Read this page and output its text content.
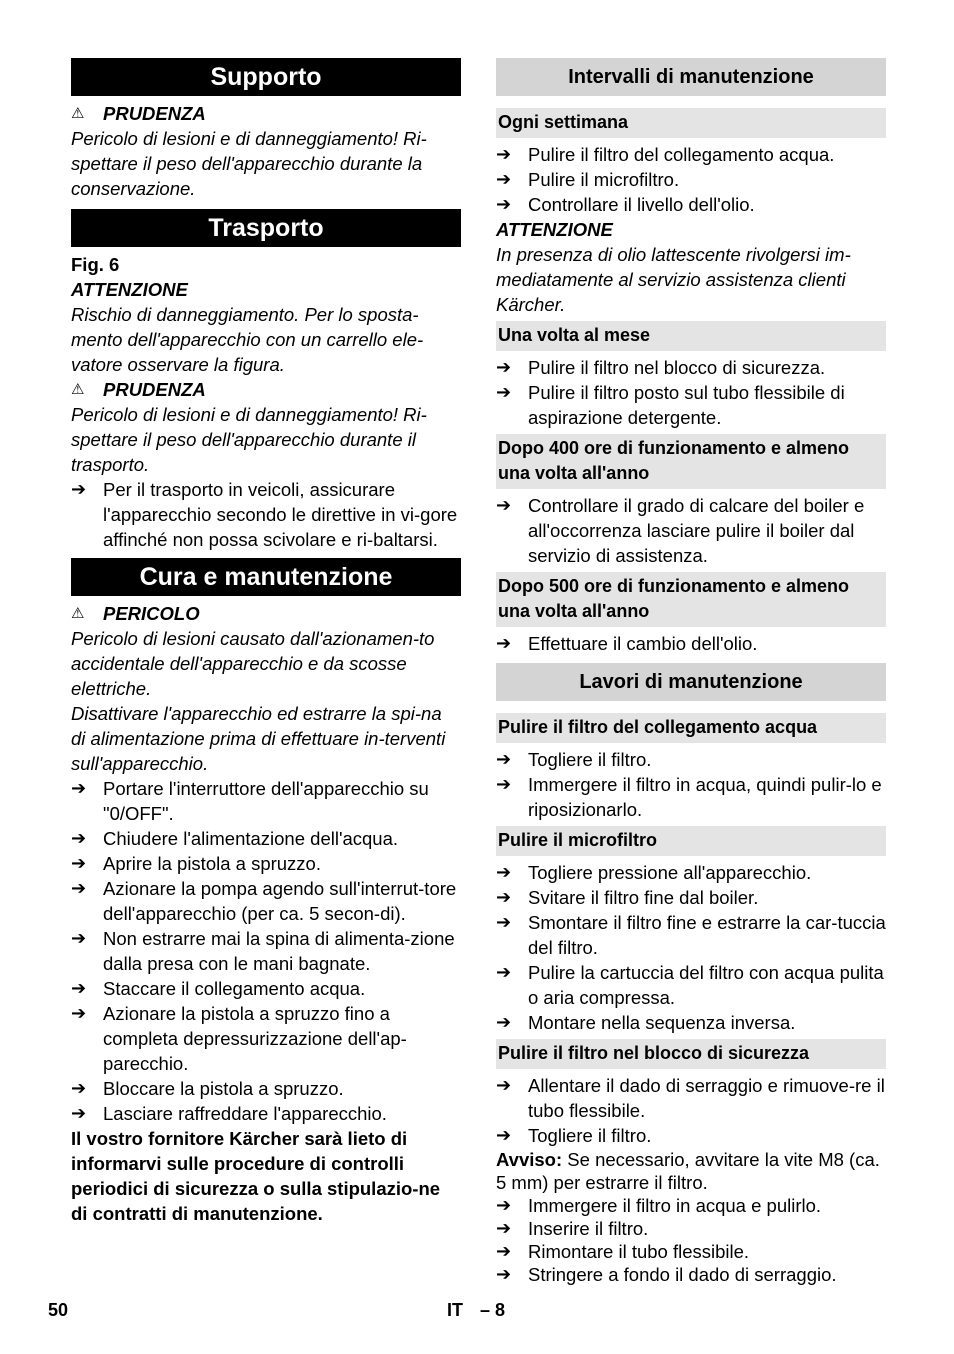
Supporto
⚠	PRUDENZA

Pericolo di lesioni e di danneggiamento! Ri-spettare il peso dell'apparecchio durante la conservazione.

Trasporto

Fig. 6

ATTENZIONE

Rischio di danneggiamento. Per lo sposta-mento dell'apparecchio con un carrello ele-vatore osservare la figura.

⚠	PRUDENZA

Pericolo di lesioni e di danneggiamento! Ri-spettare il peso dell'apparecchio durante il trasporto.

➔ Per il trasporto in veicoli, assicurare l'apparecchio secondo le direttive in vi-gore affinché non possa scivolare e ri-baltarsi.
Cura e manutenzione
⚠	PERICOLO

Pericolo di lesioni causato dall'azionamen-to accidentale dell'apparecchio e da scosse elettriche.

Disattivare l'apparecchio ed estrarre la spi-na di alimentazione prima di effettuare in-terventi sull'apparecchio.

➔ Portare l'interruttore dell'apparecchio su "0/OFF".
➔ Chiudere l'alimentazione dell'acqua.
➔ Aprire la pistola a spruzzo.
➔ Azionare la pompa agendo sull'interrut-tore dell'apparecchio (per ca. 5 secon-di).
➔ Non estrarre mai la spina di alimenta-zione dalla presa con le mani bagnate.
➔ Staccare il collegamento acqua.
➔ Azionare la pistola a spruzzo fino a completa depressurizzazione dell'ap-parecchio.
➔ Bloccare la pistola a spruzzo.
➔ Lasciare raffreddare l'apparecchio.

Il vostro fornitore Kärcher sarà lieto di informarvi sulle procedure di controlli periodici di sicurezza o sulla stipulazio-ne di contratti di manutenzione.

Intervalli di manutenzione
Ogni settimana
➔ Pulire il filtro del collegamento acqua.
➔ Pulire il microfiltro.
➔ Controllare il livello dell'olio.

ATTENZIONE

In presenza di olio lattescente rivolgersi im-mediatamente al servizio assistenza clienti Kärcher.

Una volta al mese
➔ Pulire il filtro nel blocco di sicurezza.
➔ Pulire il filtro posto sul tubo flessibile di aspirazione detergente.
Dopo 400 ore di funzionamento e almeno una volta all'anno
➔ Controllare il grado di calcare del boiler e all'occorrenza lasciare pulire il boiler dal servizio di assistenza.
Dopo 500 ore di funzionamento e almeno una volta all'anno
➔ Effettuare il cambio dell'olio.
Lavori di manutenzione
Pulire il filtro del collegamento acqua
➔ Togliere il filtro.
➔ Immergere il filtro in acqua, quindi pulir-lo e riposizionarlo.
Pulire il microfiltro
➔ Togliere pressione all'apparecchio.
➔ Svitare il filtro fine dal boiler.
➔ Smontare il filtro fine e estrarre la car-tuccia del filtro.
➔ Pulire la cartuccia del filtro con acqua pulita o aria compressa.
➔ Montare nella sequenza inversa.
Pulire il filtro nel blocco di sicurezza
➔ Allentare il dado di serraggio e rimuove-re il tubo flessibile.
➔ Togliere il filtro.

Avviso: Se necessario, avvitare la vite M8 (ca. 5 mm) per estrarre il filtro.

➔ Immergere il filtro in acqua e pulirlo.
➔ Inserire il filtro.
➔ Rimontare il tubo flessibile.
➔ Stringere a fondo il dado di serraggio.
50	IT – 8
